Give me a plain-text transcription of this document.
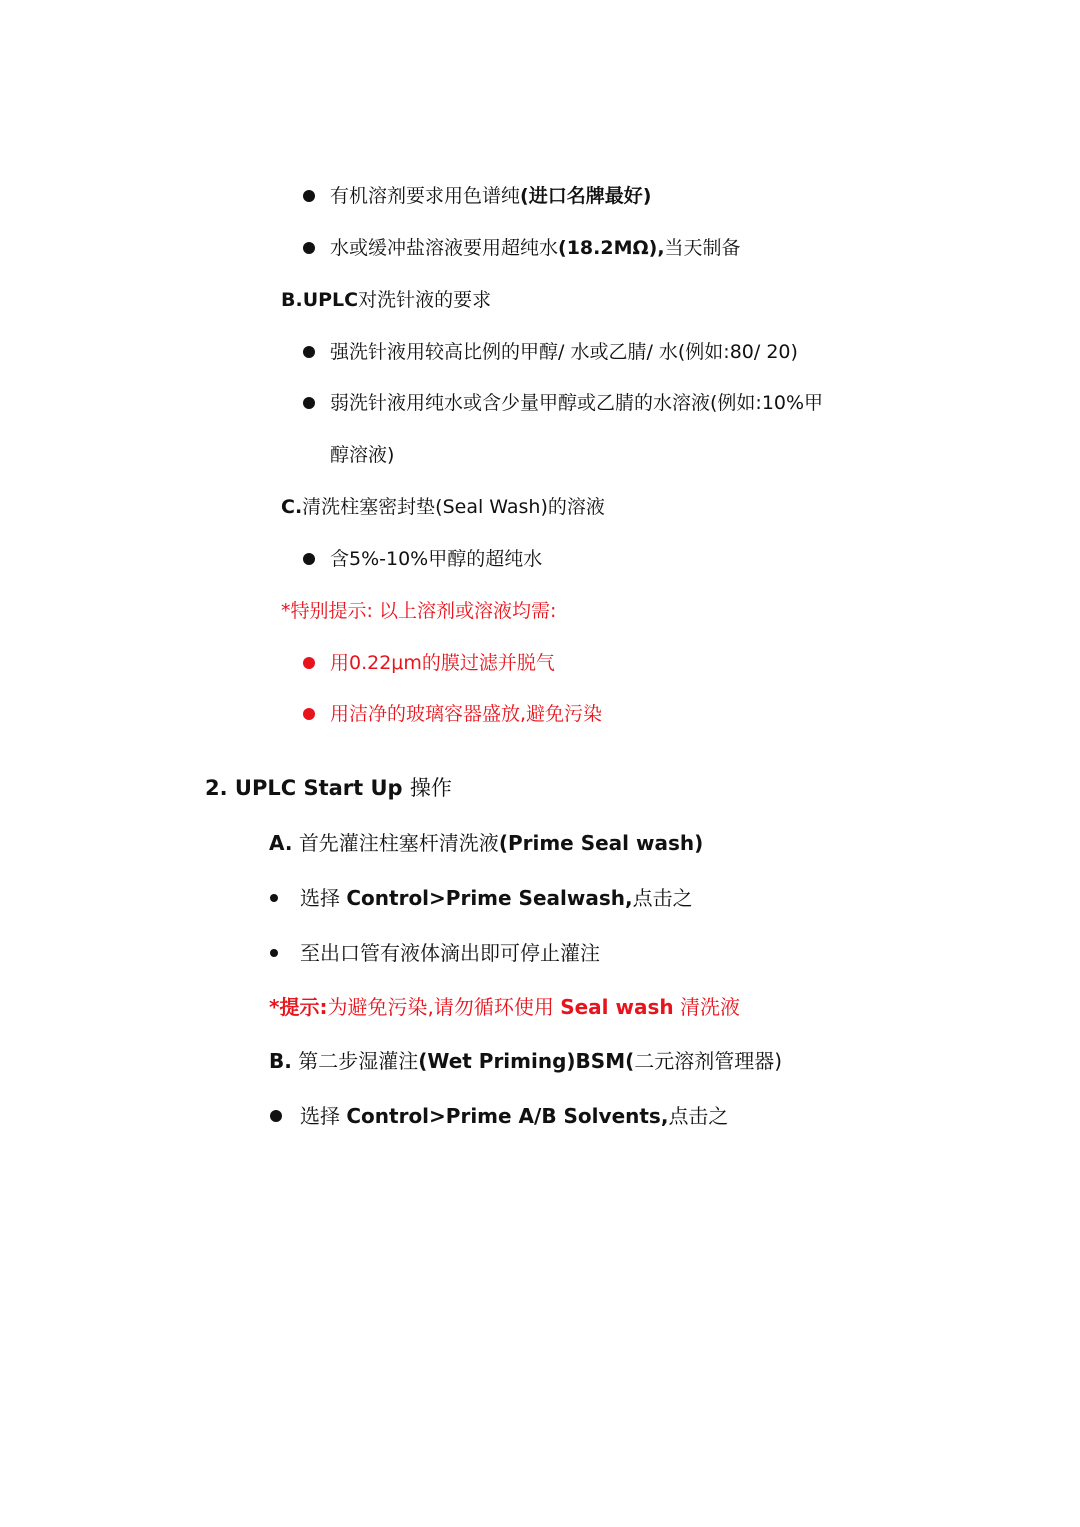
有机溶剂要求用色谱纯(进口名牌最好)
水或缓冲盐溶液要用超纯水(18.2MΩ),当天制备
B.UPLC对洗针液的要求
强洗针液用较高比例的甲醇/ 水或乙腈/ 水(例如:80/ 20)
弱洗针液用纯水或含少量甲醇或乙腈的水溶液(例如:10%甲
醇溶液)
C.清洗柱塞密封垫(Seal Wash)的溶液
含5%-10%甲醇的超纯水
*特别提示: 以上溶剂或溶液均需:
用0.22μm的膜过滤并脱气
用洁净的玻璃容器盛放,避免污染
2. UPLC Start Up 操作
A. 首先灌注柱塞杆清洗液(Prime Seal wash)
选择 Control>Prime Sealwash,点击之
至出口管有液体滴出即可停止灌注
*提示:为避免污染,请勿循环使用 Seal wash 清洗液
B. 第二步湿灌注(Wet Priming)BSM(二元溶剂管理器)
选择 Control>Prime A/B Solvents,点击之
